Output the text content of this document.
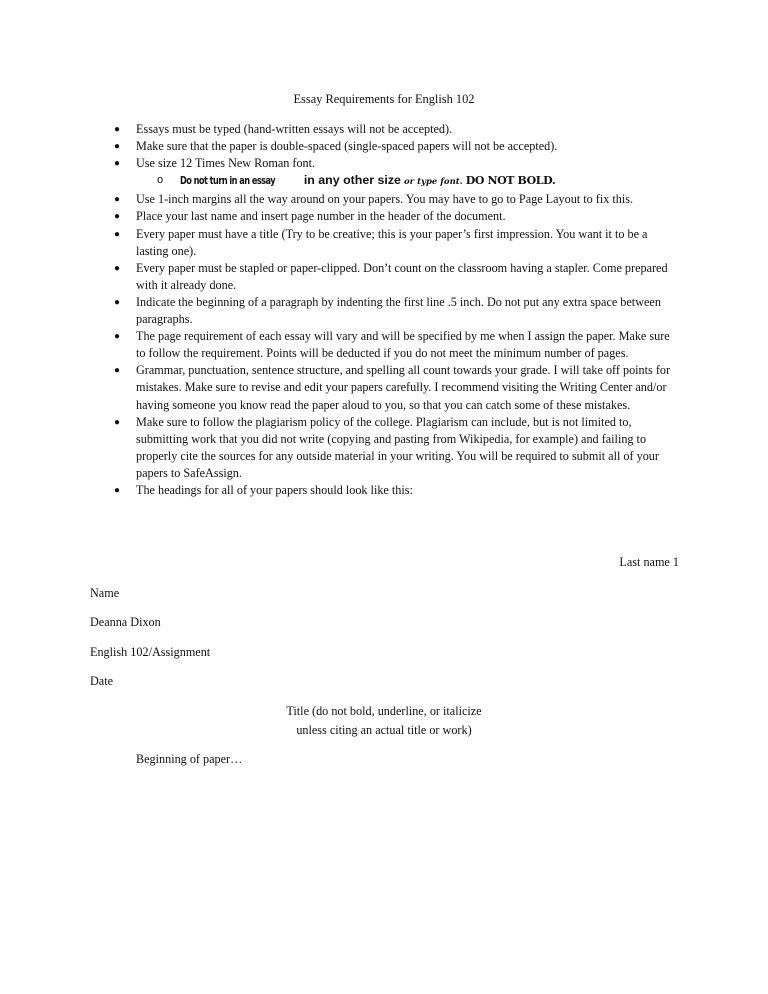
Essay Requirements for English 102
● Essays must be typed (hand-written essays will not be accepted).
● Make sure that the paper is double-spaced (single-spaced papers will not be accepted).
● Use size 12 Times New Roman font.
o Do not turn in an essay in any other size or type font. DO NOT BOLD.
● Use 1-inch margins all the way around on your papers. You may have to go to Page Layout to fix this.
● Place your last name and insert page number in the header of the document.
● Every paper must have a title (Try to be creative; this is your paper’s first impression. You want it to be a lasting one).
● Every paper must be stapled or paper-clipped. Don’t count on the classroom having a stapler. Come prepared with it already done.
● Indicate the beginning of a paragraph by indenting the first line .5 inch. Do not put any extra space between paragraphs.
● The page requirement of each essay will vary and will be specified by me when I assign the paper. Make sure to follow the requirement. Points will be deducted if you do not meet the minimum number of pages.
● Grammar, punctuation, sentence structure, and spelling all count towards your grade. I will take off points for mistakes. Make sure to revise and edit your papers carefully. I recommend visiting the Writing Center and/or having someone you know read the paper aloud to you, so that you can catch some of these mistakes.
● Make sure to follow the plagiarism policy of the college. Plagiarism can include, but is not limited to, submitting work that you did not write (copying and pasting from Wikipedia, for example) and failing to properly cite the sources for any outside material in your writing. You will be required to submit all of your papers to SafeAssign.
● The headings for all of your papers should look like this:
Last name 1
Name
Deanna Dixon
English 102/Assignment
Date
Title (do not bold, underline, or italicize
unless citing an actual title or work)
Beginning of paper…
